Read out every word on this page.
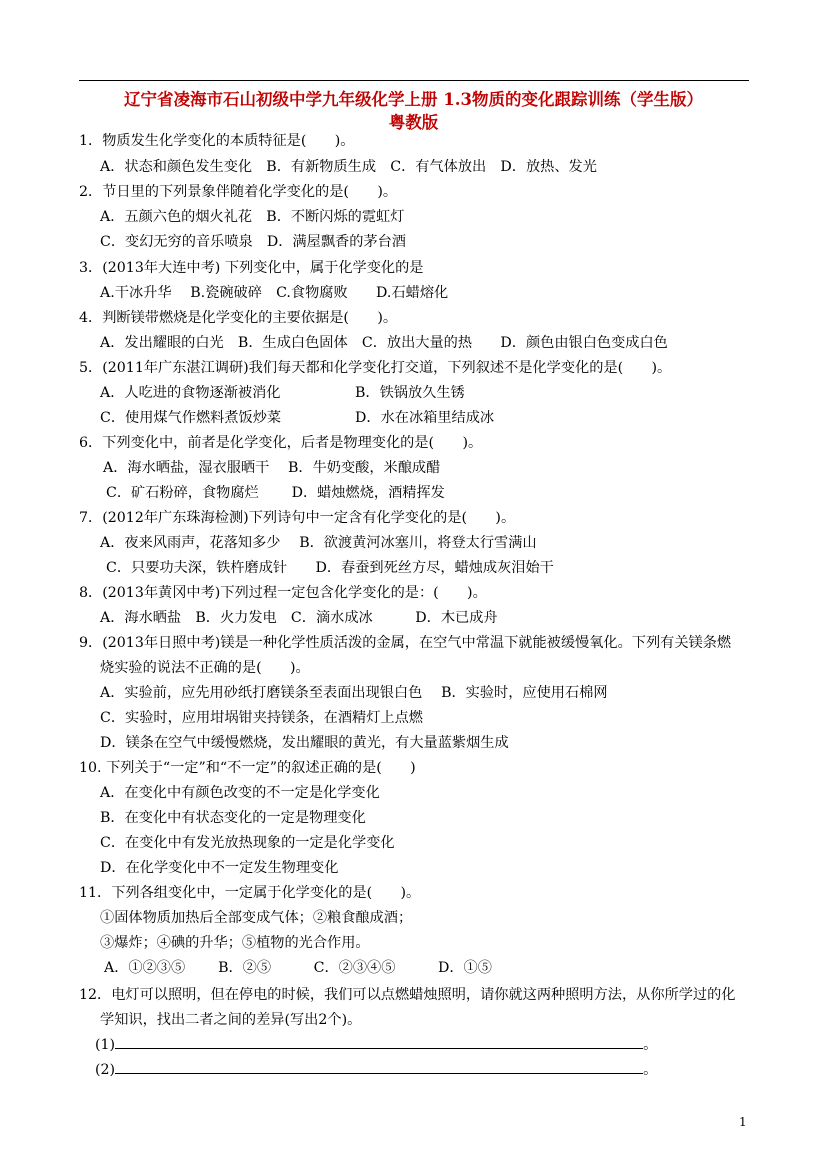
辽宁省凌海市石山初级中学九年级化学上册 1.3物质的变化跟踪训练（学生版）
粤教版
1．物质发生化学变化的本质特征是(　　)。
A．状态和颜色发生变化　B．有新物质生成　C．有气体放出　D．放热、发光
2．节日里的下列景象伴随着化学变化的是(　　)。
A．五颜六色的烟火礼花　B．不断闪烁的霓虹灯
C．变幻无穷的音乐喷泉　D．满屋飘香的茅台酒
3．(2013年大连中考) 下列变化中，属于化学变化的是
A.干冰升华　 B.瓷碗破碎　C.食物腐败　　D.石蜡熔化
4．判断镁带燃烧是化学变化的主要依据是(　　)。
A．发出耀眼的白光　B．生成白色固体　C．放出大量的热　　D．颜色由银白色变成白色
5．(2011年广东湛江调研)我们每天都和化学变化打交道，下列叙述不是化学变化的是(　　)。
A．人吃进的食物逐渐被消化	B．铁锅放久生锈
C．使用煤气作燃料煮饭炒菜	D．水在冰箱里结成冰
6．下列变化中，前者是化学变化，后者是物理变化的是(　　)。
A．海水晒盐，湿衣服晒干　 B．牛奶变酸，米酿成醋
C．矿石粉碎，食物腐烂　　 D．蜡烛燃烧，酒精挥发
7．(2012年广东珠海检测)下列诗句中一定含有化学变化的是(　　)。
A．夜来风雨声，花落知多少　 B．欲渡黄河冰塞川，将登太行雪满山
C．只要功夫深，铁杵磨成针　　D．春蚕到死丝方尽，蜡烛成灰泪始干
8．(2013年黄冈中考)下列过程一定包含化学变化的是：(　　)。
A．海水晒盐　B．火力发电　C．滴水成冰　　　D．木已成舟
9．(2013年日照中考)镁是一种化学性质活泼的金属，在空气中常温下就能被缓慢氧化。下列有关镁条燃
烧实验的说法不正确的是(　　)。
A．实验前，应先用砂纸打磨镁条至表面出现银白色　 B．实验时，应使用石棉网
C．实验时，应用坩埚钳夹持镁条，在酒精灯上点燃
D．镁条在空气中缓慢燃烧，发出耀眼的黄光，有大量蓝紫烟生成
10. 下列关于“一定”和“不一定”的叙述正确的是(　　)
A．在变化中有颜色改变的不一定是化学变化
B．在变化中有状态变化的一定是物理变化
C．在变化中有发光放热现象的一定是化学变化
D．在化学变化中不一定发生物理变化
11．下列各组变化中，一定属于化学变化的是(　　)。
①固体物质加热后全部变成气体；②粮食酿成酒；
③爆炸；④碘的升华；⑤植物的光合作用。
A．①②③⑤　　 B．②⑤　　　C．②③④⑤　　　D．①⑤
12．电灯可以照明，但在停电的时候，我们可以点燃蜡烛照明，请你就这两种照明方法，从你所学过的化
学知识，找出二者之间的差异(写出2个)。
(1)	。
(2)	。
1
